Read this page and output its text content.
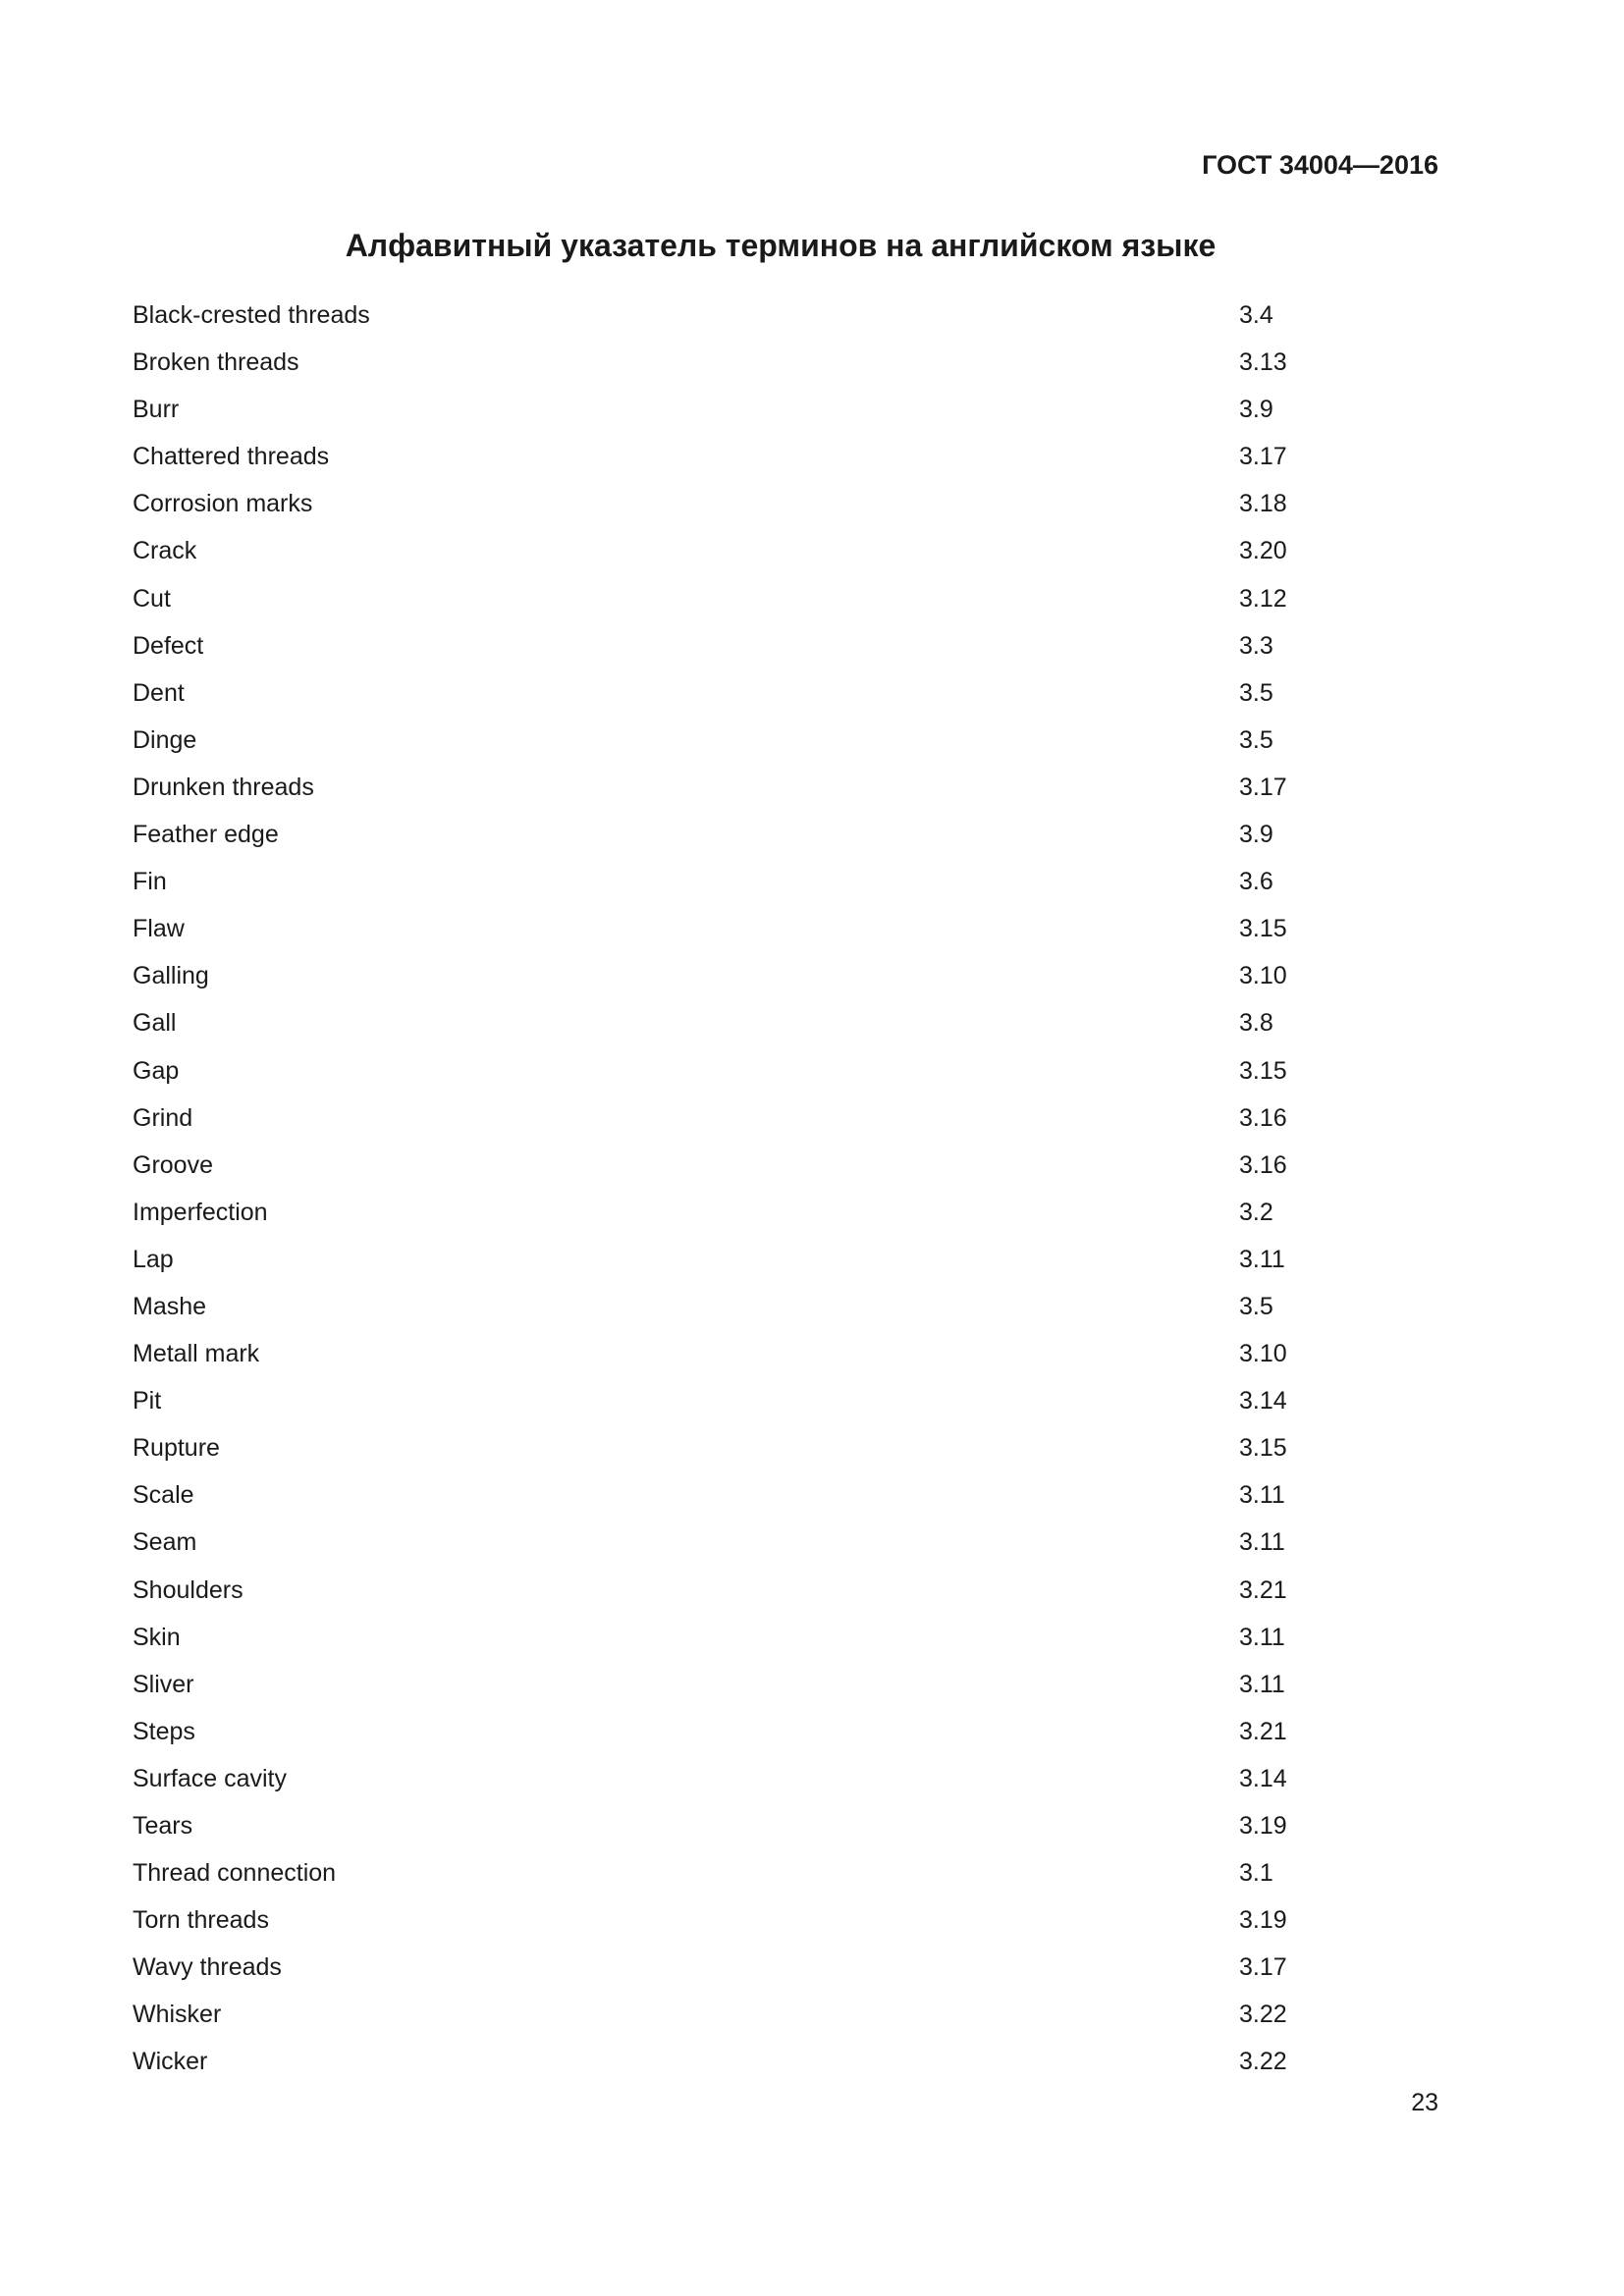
ГОСТ 34004—2016
Алфавитный указатель терминов на английском языке
Black-crested threads	3.4
Broken threads	3.13
Burr	3.9
Chattered threads	3.17
Corrosion marks	3.18
Crack	3.20
Cut	3.12
Defect	3.3
Dent	3.5
Dinge	3.5
Drunken threads	3.17
Feather edge	3.9
Fin	3.6
Flaw	3.15
Galling	3.10
Gall	3.8
Gap	3.15
Grind	3.16
Groove	3.16
Imperfection	3.2
Lap	3.11
Mashe	3.5
Metall mark	3.10
Pit	3.14
Rupture	3.15
Scale	3.11
Seam	3.11
Shoulders	3.21
Skin	3.11
Sliver	3.11
Steps	3.21
Surface cavity	3.14
Tears	3.19
Thread connection	3.1
Torn threads	3.19
Wavy threads	3.17
Whisker	3.22
Wicker	3.22
23
